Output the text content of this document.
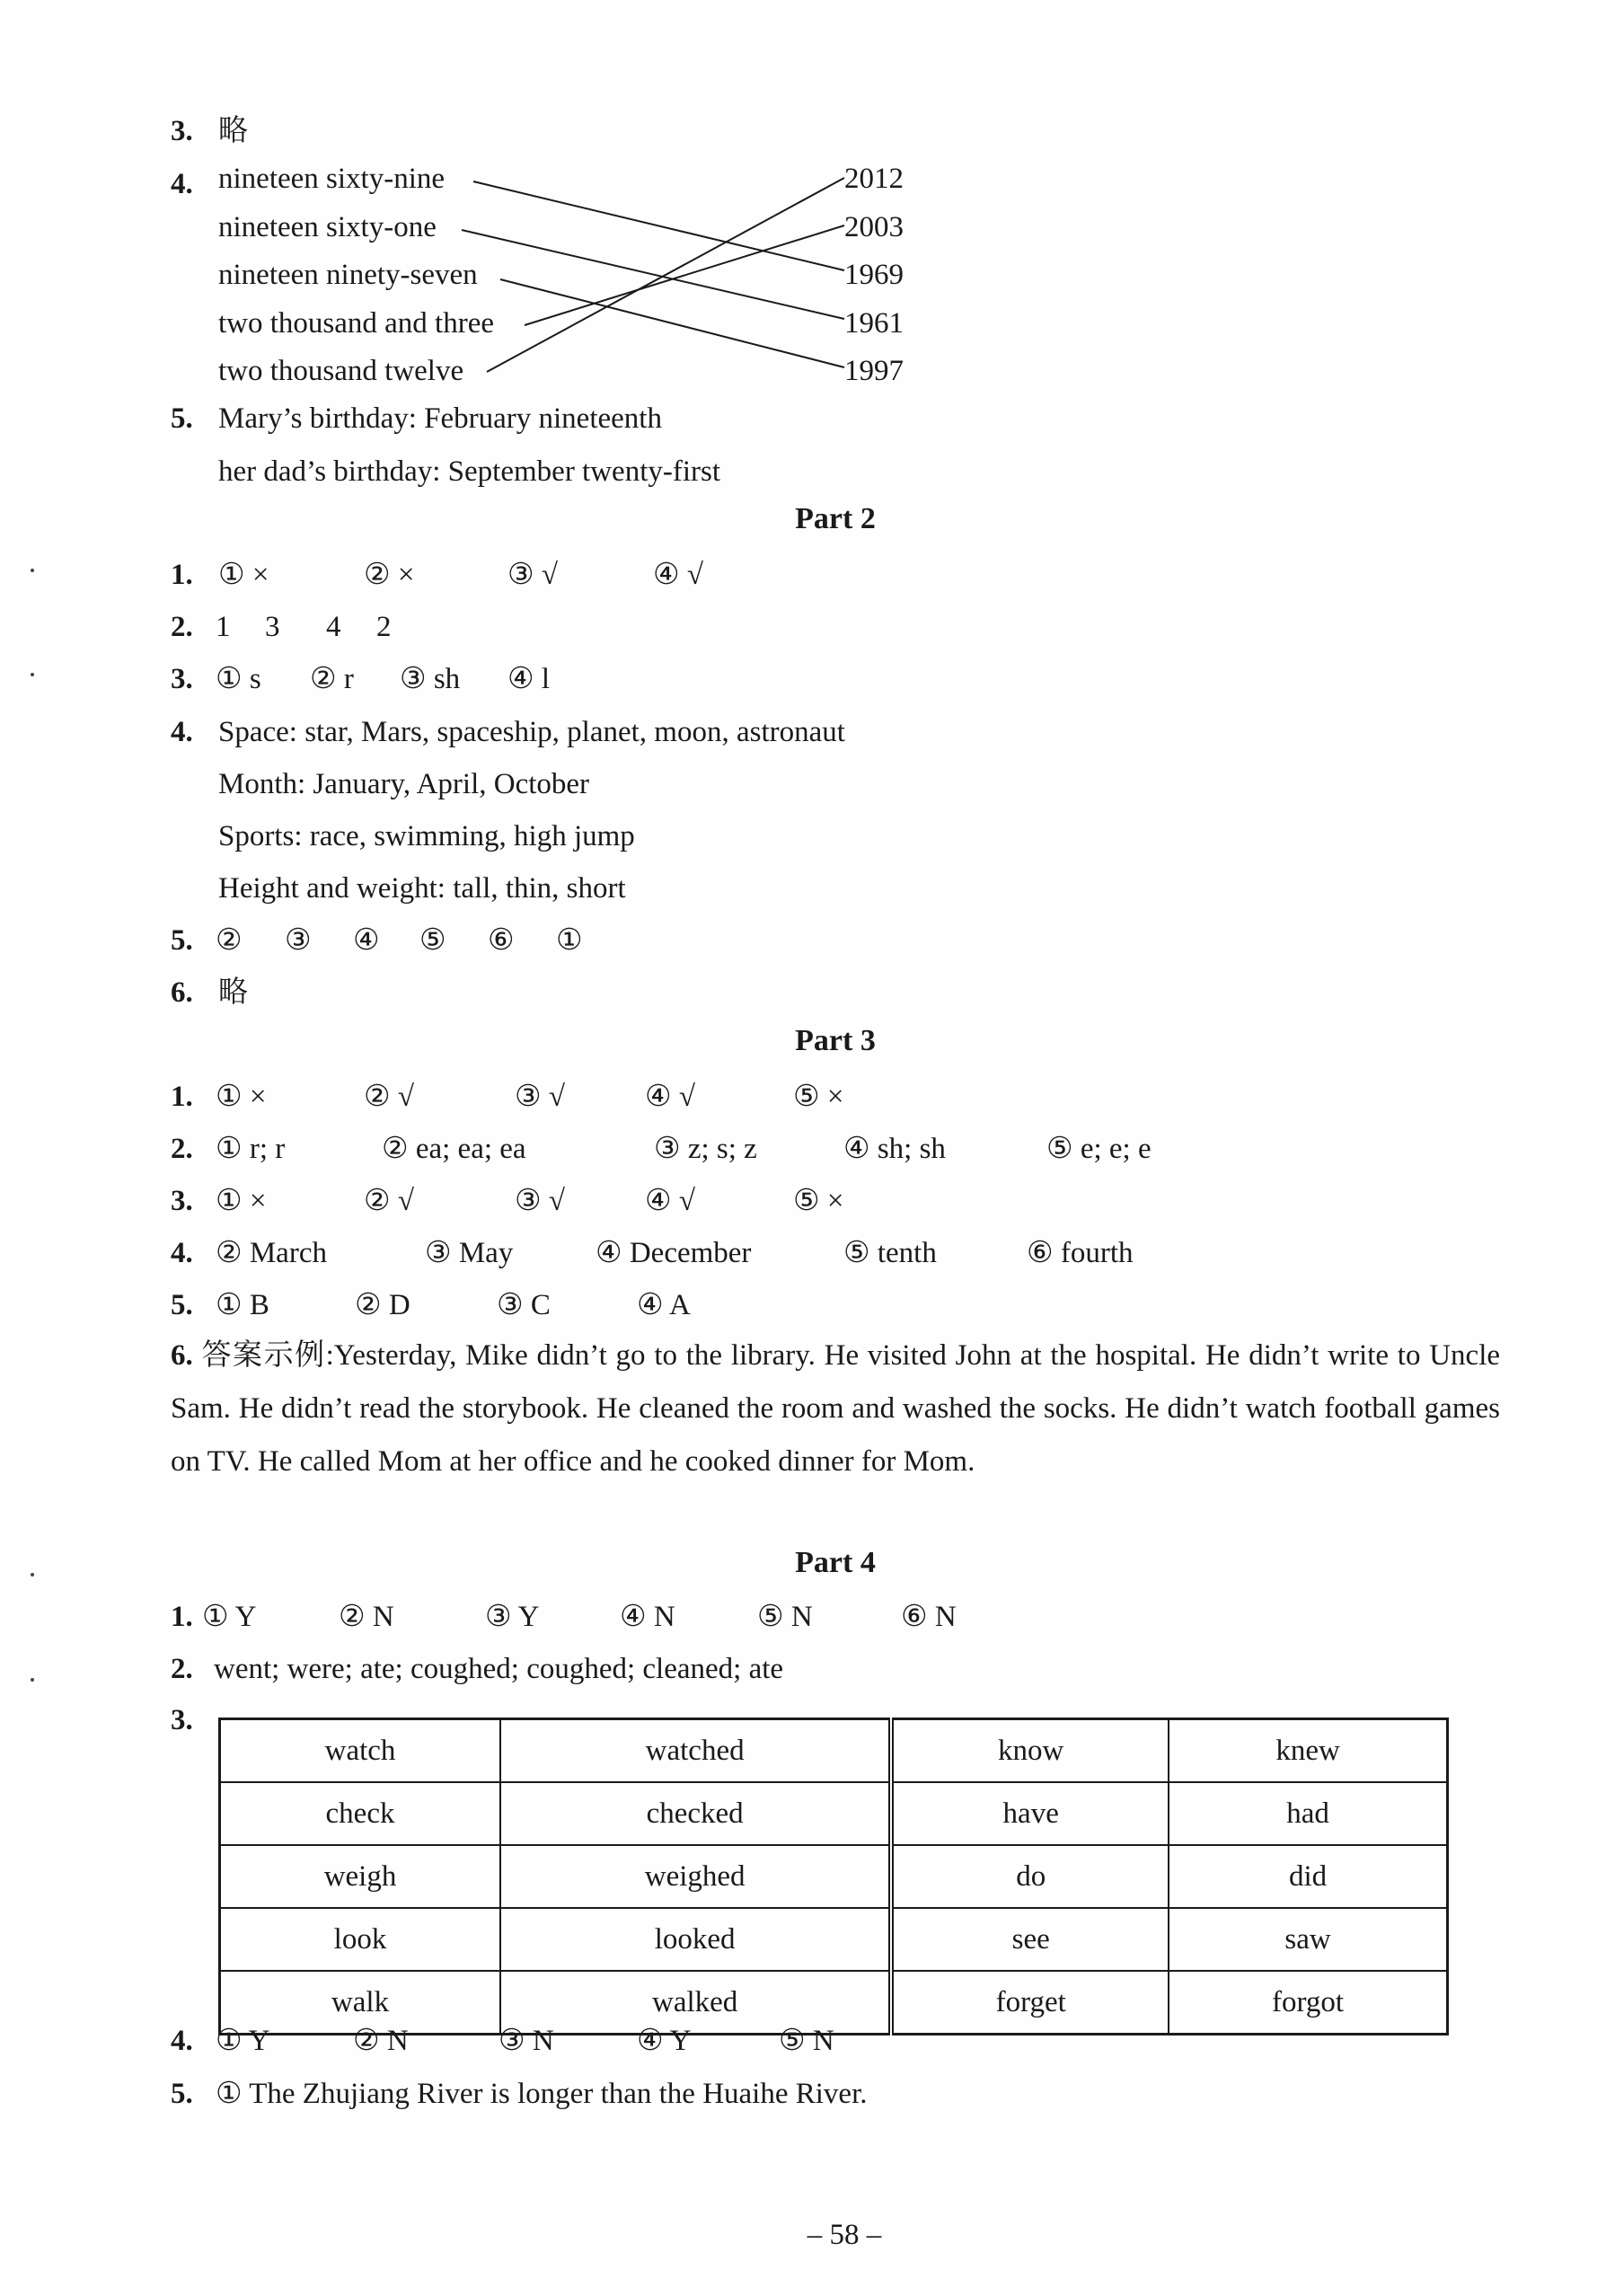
3. 略
4. nineteen sixty-nine
nineteen sixty-one
nineteen ninety-seven
two thousand and three
two thousand twelve
2012
2003
1969
1961
1997
5. Mary’s birthday: February nineteenth
her dad’s birthday: September twenty-first
Part 2
1. ① ×	② ×	③ √	④ √
2. 1 3 4 2
3. ① s ② r ③ sh ④ l
4. Space: star, Mars, spaceship, planet, moon, astronaut
Month: January, April, October
Sports: race, swimming, high jump
Height and weight: tall, thin, short
5. ② ③ ④ ⑤ ⑥ ①
6. 略
Part 3
1. ① ×	② √	③ √	④ √	⑤ ×
2. ① r; r	② ea; ea; ea	③ z; s; z	④ sh; sh	⑤ e; e; e
3. ① ×	② √	③ √	④ √	⑤ ×
4. ② March	③ May	④ December	⑤ tenth	⑥ fourth
5. ① B	② D	③ C	④ A
6. 答案示例:Yesterday, Mike didn’t go to the library. He visited John at the hospital. He didn’t write to Uncle Sam. He didn’t read the storybook. He cleaned the room and washed the socks. He didn’t watch football games on TV. He called Mom at her office and he cooked dinner for Mom.
Part 4
1. ① Y	② N	③ Y	④ N	⑤ N	⑥ N
2. went; were; ate; coughed; coughed; cleaned; ate
3.
watch	watched	know	knew
check	checked	have	had
weigh	weighed	do	did
look	looked	see	saw
walk	walked	forget	forgot
4. ① Y	② N	③ N	④ Y	⑤ N
5. ① The Zhujiang River is longer than the Huaihe River.
– 58 –
